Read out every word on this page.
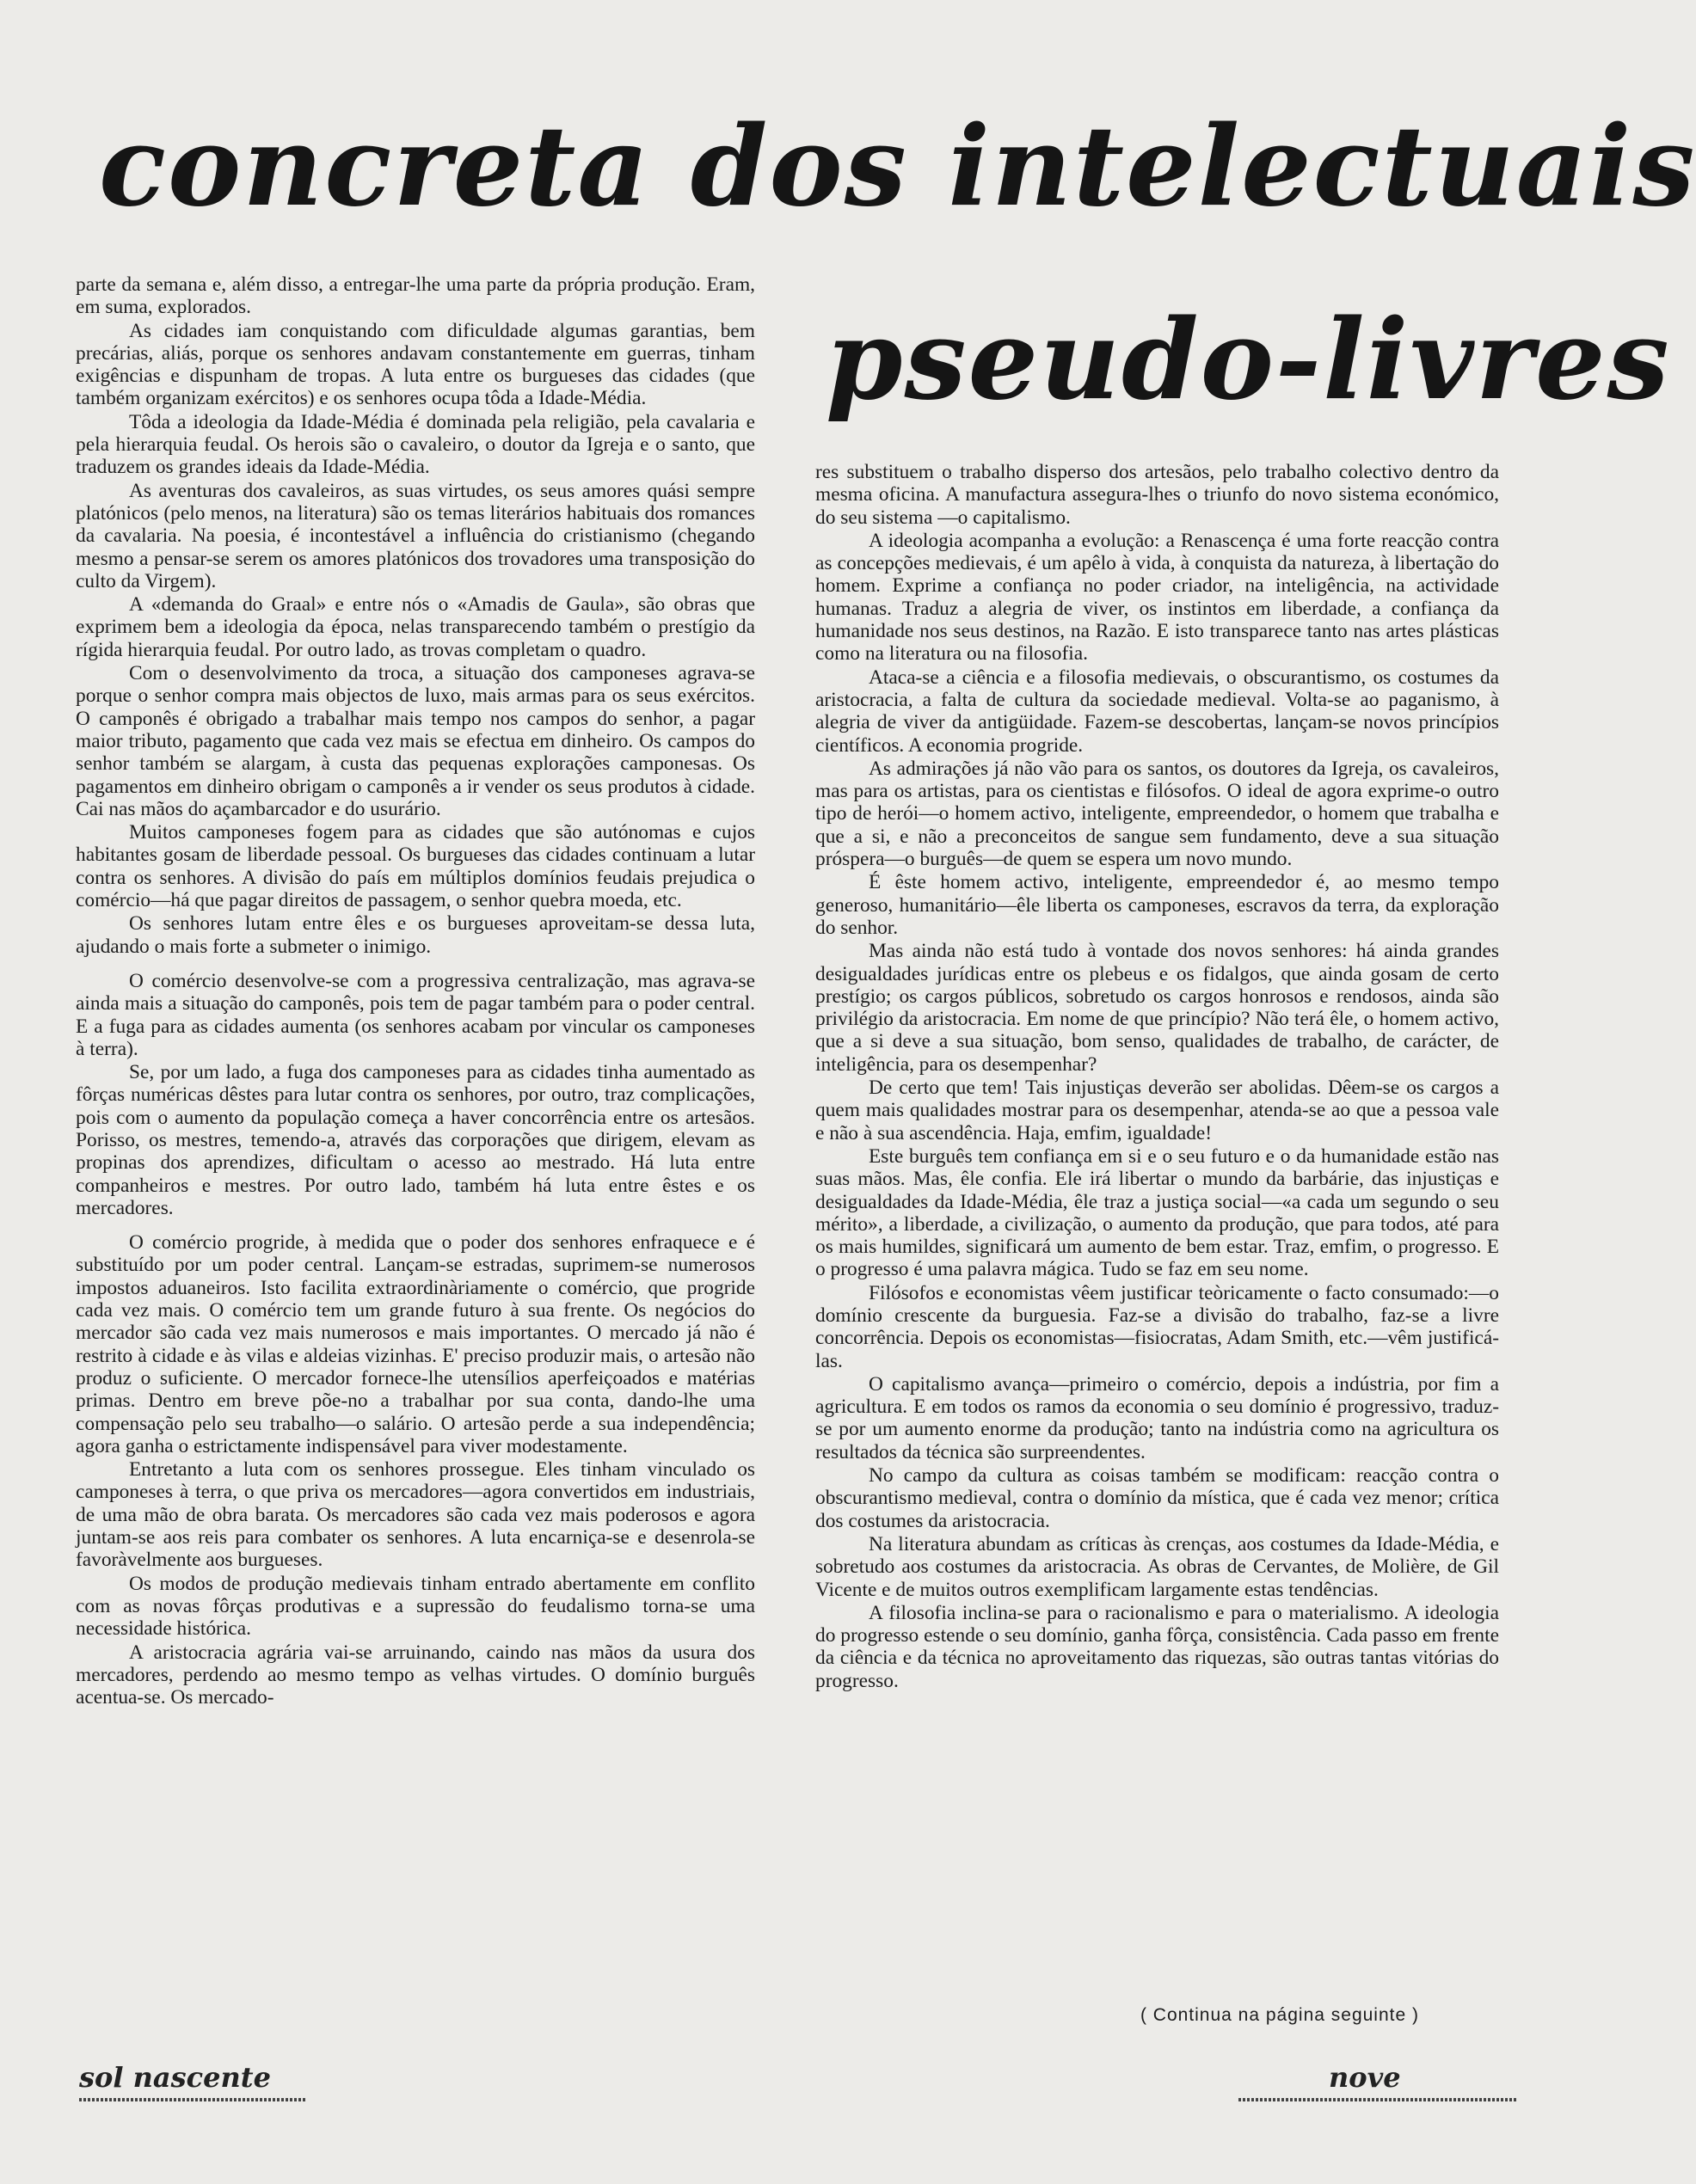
concreta dos intelectuais
pseudo-livres

parte da semana e, além disso, a entregar-lhe uma parte da própria produção. Eram, em suma, explorados.

As cidades iam conquistando com dificuldade algumas garantias, bem precárias, aliás, porque os senhores andavam constantemente em guerras, tinham exigências e dispunham de tropas. A luta entre os burgueses das cidades (que também organizam exércitos) e os senhores ocupa tôda a Idade-Média.

Tôda a ideologia da Idade-Média é dominada pela religião, pela cavalaria e pela hierarquia feudal. Os herois são o cavaleiro, o doutor da Igreja e o santo, que traduzem os grandes ideais da Idade-Média.

As aventuras dos cavaleiros, as suas virtudes, os seus amores quási sempre platónicos (pelo menos, na literatura) são os temas literários habituais dos romances da cavalaria. Na poesia, é incontestável a influência do cristianismo (chegando mesmo a pensar-se serem os amores platónicos dos trovadores uma transposição do culto da Virgem).

A «demanda do Graal» e entre nós o «Amadis de Gaula», são obras que exprimem bem a ideologia da época, nelas transparecendo também o prestígio da rígida hierarquia feudal. Por outro lado, as trovas completam o quadro.

Com o desenvolvimento da troca, a situação dos camponeses agrava-se porque o senhor compra mais objectos de luxo, mais armas para os seus exércitos. O camponês é obrigado a trabalhar mais tempo nos campos do senhor, a pagar maior tributo, pagamento que cada vez mais se efectua em dinheiro. Os campos do senhor também se alargam, à custa das pequenas explorações camponesas. Os pagamentos em dinheiro obrigam o camponês a ir vender os seus produtos à cidade. Cai nas mãos do açambarcador e do usurário.

Muitos camponeses fogem para as cidades que são autónomas e cujos habitantes gosam de liberdade pessoal. Os burgueses das cidades continuam a lutar contra os senhores. A divisão do país em múltiplos domínios feudais prejudica o comércio—há que pagar direitos de passagem, o senhor quebra moeda, etc.

Os senhores lutam entre êles e os burgueses aproveitam-se dessa luta, ajudando o mais forte a submeter o inimigo.

O comércio desenvolve-se com a progressiva centralização, mas agrava-se ainda mais a situação do camponês, pois tem de pagar também para o poder central. E a fuga para as cidades aumenta (os senhores acabam por vincular os camponeses à terra).

Se, por um lado, a fuga dos camponeses para as cidades tinha aumentado as fôrças numéricas dêstes para lutar contra os senhores, por outro, traz complicações, pois com o aumento da população começa a haver concorrência entre os artesãos. Porisso, os mestres, temendo-a, através das corporações que dirigem, elevam as propinas dos aprendizes, dificultam o acesso ao mestrado. Há luta entre companheiros e mestres. Por outro lado, também há luta entre êstes e os mercadores.

O comércio progride, à medida que o poder dos senhores enfraquece e é substituído por um poder central. Lançam-se estradas, suprimem-se numerosos impostos aduaneiros. Isto facilita extraordinàriamente o comércio, que progride cada vez mais. O comércio tem um grande futuro à sua frente. Os negócios do mercador são cada vez mais numerosos e mais importantes. O mercado já não é restrito à cidade e às vilas e aldeias vizinhas. E' preciso produzir mais, o artesão não produz o suficiente. O mercador fornece-lhe utensílios aperfeiçoados e matérias primas. Dentro em breve põe-no a trabalhar por sua conta, dando-lhe uma compensação pelo seu trabalho—o salário. O artesão perde a sua independência; agora ganha o estrictamente indispensável para viver modestamente.

Entretanto a luta com os senhores prossegue. Eles tinham vinculado os camponeses à terra, o que priva os mercadores—agora convertidos em industriais, de uma mão de obra barata. Os mercadores são cada vez mais poderosos e agora juntam-se aos reis para combater os senhores. A luta encarniça-se e desenrola-se favoràvelmente aos burgueses.

Os modos de produção medievais tinham entrado abertamente em conflito com as novas fôrças produtivas e a supressão do feudalismo torna-se uma necessidade histórica.

A aristocracia agrária vai-se arruinando, caindo nas mãos da usura dos mercadores, perdendo ao mesmo tempo as velhas virtudes. O domínio burguês acentua-se. Os mercado-

res substituem o trabalho disperso dos artesãos, pelo trabalho colectivo dentro da mesma oficina. A manufactura assegura-lhes o triunfo do novo sistema económico, do seu sistema —o capitalismo.

A ideologia acompanha a evolução: a Renascença é uma forte reacção contra as concepções medievais, é um apêlo à vida, à conquista da natureza, à libertação do homem. Exprime a confiança no poder criador, na inteligência, na actividade humanas. Traduz a alegria de viver, os instintos em liberdade, a confiança da humanidade nos seus destinos, na Razão. E isto transparece tanto nas artes plásticas como na literatura ou na filosofia.

Ataca-se a ciência e a filosofia medievais, o obscurantismo, os costumes da aristocracia, a falta de cultura da sociedade medieval. Volta-se ao paganismo, à alegria de viver da antigüidade. Fazem-se descobertas, lançam-se novos princípios científicos. A economia progride.

As admirações já não vão para os santos, os doutores da Igreja, os cavaleiros, mas para os artistas, para os cientistas e filósofos. O ideal de agora exprime-o outro tipo de herói—o homem activo, inteligente, empreendedor, o homem que trabalha e que a si, e não a preconceitos de sangue sem fundamento, deve a sua situação próspera—o burguês—de quem se espera um novo mundo.

É êste homem activo, inteligente, empreendedor é, ao mesmo tempo generoso, humanitário—êle liberta os camponeses, escravos da terra, da exploração do senhor.

Mas ainda não está tudo à vontade dos novos senhores: há ainda grandes desigualdades jurídicas entre os plebeus e os fidalgos, que ainda gosam de certo prestígio; os cargos públicos, sobretudo os cargos honrosos e rendosos, ainda são privilégio da aristocracia. Em nome de que princípio? Não terá êle, o homem activo, que a si deve a sua situação, bom senso, qualidades de trabalho, de carácter, de inteligência, para os desempenhar?

De certo que tem! Tais injustiças deverão ser abolidas. Dêem-se os cargos a quem mais qualidades mostrar para os desempenhar, atenda-se ao que a pessoa vale e não à sua ascendência. Haja, emfim, igualdade!

Este burguês tem confiança em si e o seu futuro e o da humanidade estão nas suas mãos. Mas, êle confia. Ele irá libertar o mundo da barbárie, das injustiças e desigualdades da Idade-Média, êle traz a justiça social—«a cada um segundo o seu mérito», a liberdade, a civilização, o aumento da produção, que para todos, até para os mais humildes, significará um aumento de bem estar. Traz, emfim, o progresso. E o progresso é uma palavra mágica. Tudo se faz em seu nome.

Filósofos e economistas vêem justificar teòricamente o facto consumado:—o domínio crescente da burguesia. Faz-se a divisão do trabalho, faz-se a livre concorrência. Depois os economistas—fisiocratas, Adam Smith, etc.—vêm justificá-las.

O capitalismo avança—primeiro o comércio, depois a indústria, por fim a agricultura. E em todos os ramos da economia o seu domínio é progressivo, traduz-se por um aumento enorme da produção; tanto na indústria como na agricultura os resultados da técnica são surpreendentes.

No campo da cultura as coisas também se modificam: reacção contra o obscurantismo medieval, contra o domínio da mística, que é cada vez menor; crítica dos costumes da aristocracia.

Na literatura abundam as críticas às crenças, aos costumes da Idade-Média, e sobretudo aos costumes da aristocracia. As obras de Cervantes, de Molière, de Gil Vicente e de muitos outros exemplificam largamente estas tendências.

A filosofia inclina-se para o racionalismo e para o materialismo. A ideologia do progresso estende o seu domínio, ganha fôrça, consistência. Cada passo em frente da ciência e da técnica no aproveitamento das riquezas, são outras tantas vitórias do progresso.

( Continua na página seguinte )
sol nascente	nove
